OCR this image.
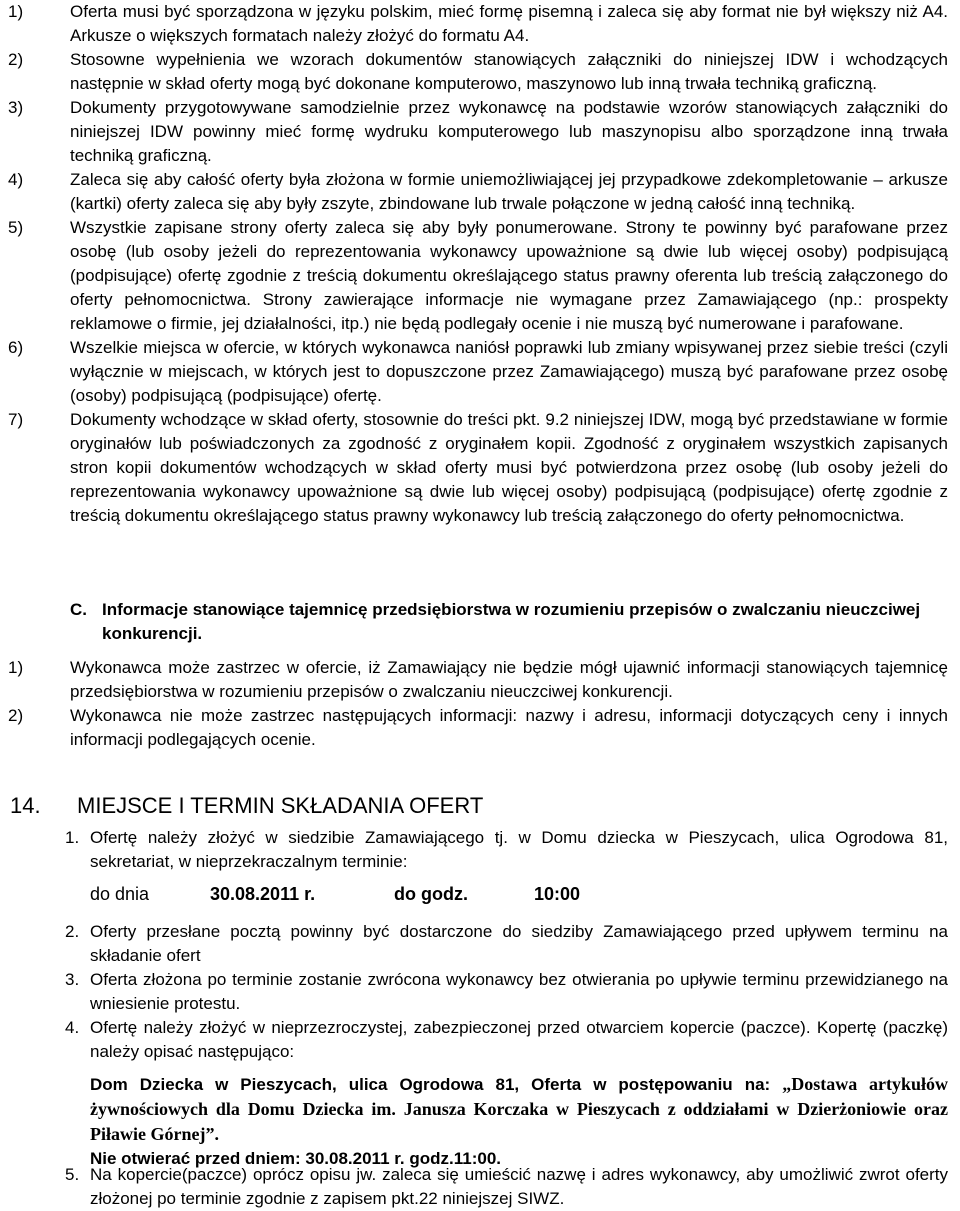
1)	Oferta musi być sporządzona w języku polskim, mieć formę pisemną i zaleca się aby format nie był większy niż A4. Arkusze o większych formatach należy złożyć do formatu A4.

2)	Stosowne wypełnienia we wzorach dokumentów stanowiących załączniki do niniejszej IDW i wchodzących następnie w skład oferty mogą być dokonane komputerowo, maszynowo lub inną trwała techniką graficzną.

3)	Dokumenty przygotowywane samodzielnie przez wykonawcę na podstawie wzorów stanowiących załączniki do niniejszej IDW powinny mieć formę wydruku komputerowego lub maszynopisu albo sporządzone inną trwała techniką graficzną.

4)	Zaleca się aby całość oferty była złożona w formie uniemożliwiającej jej przypadkowe zdekompletowanie – arkusze (kartki) oferty zaleca się aby były zszyte, zbindowane lub trwale połączone w jedną całość inną techniką.

5)	Wszystkie zapisane strony oferty zaleca się aby były ponumerowane. Strony te powinny być parafowane przez osobę (lub osoby jeżeli do reprezentowania wykonawcy upoważnione są dwie lub więcej osoby) podpisującą (podpisujące) ofertę zgodnie z treścią dokumentu określającego status prawny oferenta lub treścią załączonego do oferty pełnomocnictwa. Strony zawierające informacje nie wymagane przez Zamawiającego (np.: prospekty reklamowe o firmie, jej działalności, itp.) nie będą podlegały ocenie i nie muszą być numerowane i parafowane.

6)	Wszelkie miejsca w ofercie, w których wykonawca naniósł poprawki lub zmiany wpisywanej przez siebie treści (czyli wyłącznie w miejscach, w których jest to dopuszczone przez Zamawiającego) muszą być parafowane przez osobę (osoby) podpisującą (podpisujące) ofertę.

7)	Dokumenty wchodzące w skład oferty, stosownie do treści pkt. 9.2 niniejszej IDW, mogą być przedstawiane w formie oryginałów lub poświadczonych za zgodność z oryginałem kopii. Zgodność z oryginałem wszystkich zapisanych stron kopii dokumentów wchodzących w skład oferty musi być potwierdzona przez osobę (lub osoby jeżeli do reprezentowania wykonawcy upoważnione są dwie lub więcej osoby) podpisującą (podpisujące) ofertę zgodnie z treścią dokumentu określającego status prawny wykonawcy lub treścią załączonego do oferty pełnomocnictwa.

C. Informacje stanowiące tajemnicę przedsiębiorstwa w rozumieniu przepisów o zwalczaniu nieuczciwej konkurencji.
1)	Wykonawca może zastrzec w ofercie, iż Zamawiający nie będzie mógł ujawnić informacji stanowiących tajemnicę przedsiębiorstwa w rozumieniu przepisów o zwalczaniu nieuczciwej konkurencji.

2)	Wykonawca nie może zastrzec następujących informacji: nazwy i adresu, informacji dotyczących ceny i innych informacji podlegających ocenie.

14. MIEJSCE I TERMIN SKŁADANIA OFERT
1. Ofertę należy złożyć w siedzibie Zamawiającego tj. w Domu dziecka w Pieszycach, ulica Ogrodowa 81, sekretariat, w nieprzekraczalnym terminie:

do dnia	30.08.2011 r.	do godz.	10:00
2. Oferty przesłane pocztą powinny być dostarczone do siedziby Zamawiającego przed upływem terminu na składanie ofert

3. Oferta złożona po terminie zostanie zwrócona wykonawcy bez otwierania po upływie terminu przewidzianego na wniesienie protestu.

4. Ofertę należy złożyć w nieprzezroczystej, zabezpieczonej przed otwarciem kopercie (paczce). Kopertę (paczkę) należy opisać następująco:

Dom Dziecka w Pieszycach, ulica Ogrodowa 81, Oferta w postępowaniu na: „Dostawa artykułów żywnościowych dla Domu Dziecka im. Janusza Korczaka w Pieszycach z oddziałami w Dzierżoniowie oraz Piławie Górnej”.
Nie otwierać przed dniem: 30.08.2011 r. godz.11:00.
5. Na kopercie(paczce) oprócz opisu jw. zaleca się umieścić nazwę i adres wykonawcy, aby umożliwić zwrot oferty złożonej po terminie zgodnie z zapisem pkt.22 niniejszej SIWZ.
